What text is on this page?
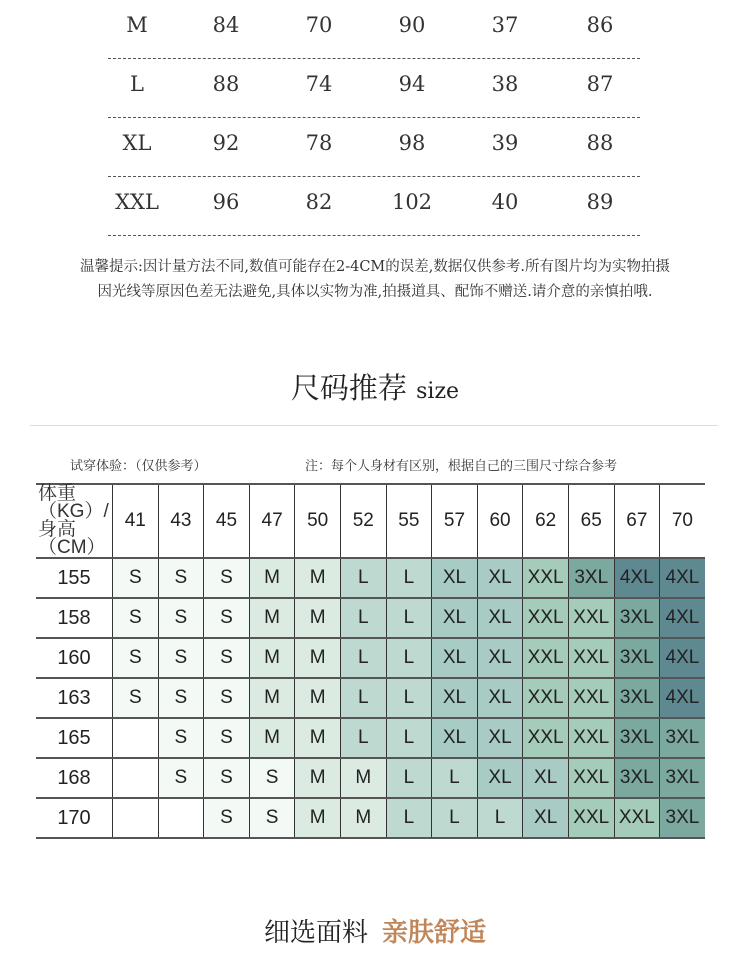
M	84	70	90	37	86
L	88	74	94	38	87
XL	92	78	98	39	88
XXL	96	82	102	40	89
温馨提示:因计量方法不同,数值可能存在2-4CM的误差,数据仅供参考.所有图片均为实物拍摄
因光线等原因色差无法避免,具体以实物为准,拍摄道具、配饰不赠送.请介意的亲慎拍哦.
尺码推荐 size
试穿体验：（仅供参考）	注：每个人身材有区别，根据自己的三围尺寸综合参考
体重（KG）/
身高（CM）	41	43	45	47	50	52	55	57	60	62	65	67	70
155	S	S	S	M	M	L	L	XL	XL	XXL	3XL	4XL	4XL
158	S	S	S	M	M	L	L	XL	XL	XXL	XXL	3XL	4XL
160	S	S	S	M	M	L	L	XL	XL	XXL	XXL	3XL	4XL
163	S	S	S	M	M	L	L	XL	XL	XXL	XXL	3XL	4XL
165		S	S	M	M	L	L	XL	XL	XXL	XXL	3XL	3XL
168		S	S	S	M	M	L	L	XL	XL	XXL	3XL	3XL
170			S	S	M	M	L	L	L	XL	XXL	XXL	3XL
细选面料 亲肤舒适
